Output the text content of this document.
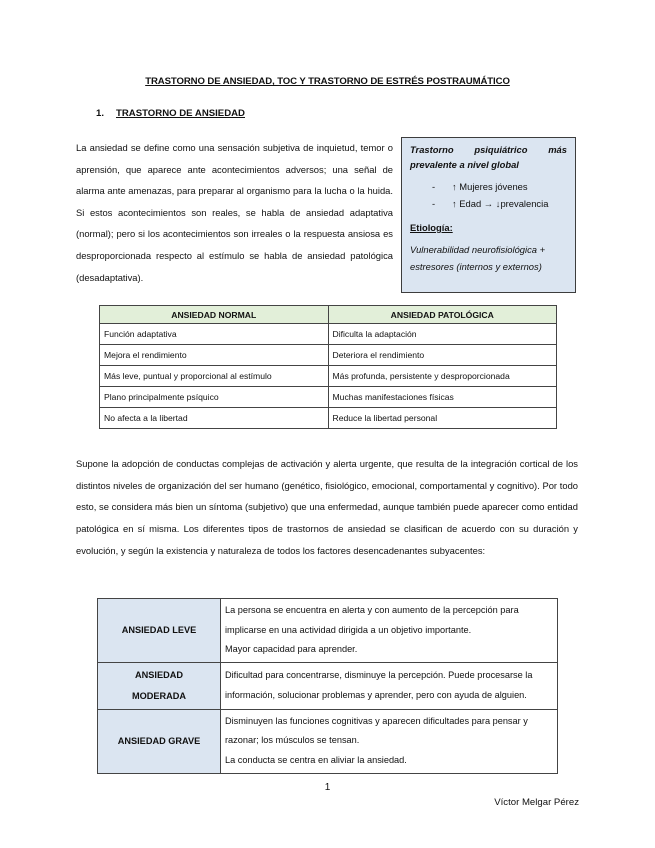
TRASTORNO DE ANSIEDAD, TOC Y TRASTORNO DE ESTRÉS POSTRAUMÁTICO
1. TRASTORNO DE ANSIEDAD

La ansiedad se define como una sensación subjetiva de inquietud, temor o aprensión, que aparece ante acontecimientos adversos; una señal de alarma ante amenazas, para preparar al organismo para la lucha o la huida. Si estos acontecimientos son reales, se habla de ansiedad adaptativa (normal); pero si los acontecimientos son irreales o la respuesta ansiosa es desproporcionada respecto al estímulo se habla de ansiedad patológica (desadaptativa).

Trastorno psiquiátrico más
prevalente a nivel global
- ↑ Mujeres jóvenes
- ↑ Edad → ↓prevalencia
Etiología:
Vulnerabilidad neurofisiológica + estresores (internos y externos)
ANSIEDAD NORMAL	ANSIEDAD PATOLÓGICA
Función adaptativa	Dificulta la adaptación
Mejora el rendimiento	Deteriora el rendimiento
Más leve, puntual y proporcional al estímulo	Más profunda, persistente y desproporcionada
Plano principalmente psíquico	Muchas manifestaciones físicas
No afecta a la libertad	Reduce la libertad personal

Supone la adopción de conductas complejas de activación y alerta urgente, que resulta de la integración cortical de los distintos niveles de organización del ser humano (genético, fisiológico, emocional, comportamental y cognitivo). Por todo esto, se considera más bien un síntoma (subjetivo) que una enfermedad, aunque también puede aparecer como entidad patológica en sí misma. Los diferentes tipos de trastornos de ansiedad se clasifican de acuerdo con su duración y evolución, y según la existencia y naturaleza de todos los factores desencadenantes subyacentes:

ANSIEDAD LEVE	La persona se encuentra en alerta y con aumento de la percepción para
implicarse en una actividad dirigida a un objetivo importante.
Mayor capacidad para aprender.

ANSIEDAD
MODERADA	Dificultad para concentrarse, disminuye la percepción. Puede procesarse la
información, solucionar problemas y aprender, pero con ayuda de alguien.

ANSIEDAD GRAVE	Disminuyen las funciones cognitivas y aparecen dificultades para pensar y
razonar; los músculos se tensan.
La conducta se centra en aliviar la ansiedad.
1
Víctor Melgar Pérez
